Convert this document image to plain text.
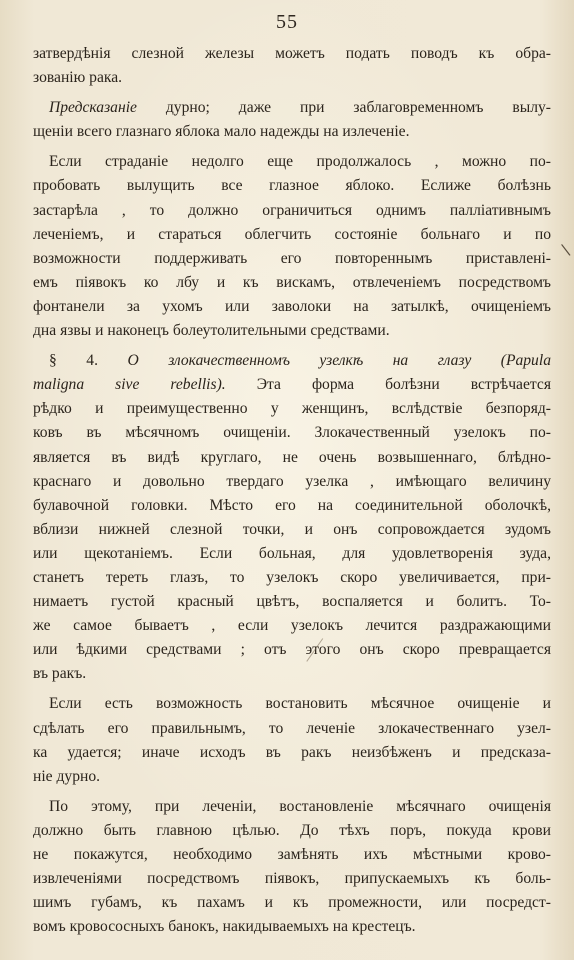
55
затвердѣнія слезной железы можетъ подать поводъ къ обра-
зованію рака.
Предсказаніе дурно; даже при заблаговременномъ вылу-
щеніи всего глазнаго яблока мало надежды на излеченіе.
Если страданіе недолго еще продолжалось , можно по-
пробовать вылущить все глазное яблоко. Еслиже болѣзнь
застарѣла , то должно ограничиться однимъ палліативнымъ
леченіемъ, и стараться облегчить состояніе больнаго и по
возможности поддерживать его повтореннымъ приставлені-
емъ піявокъ ко лбу и къ вискамъ, отвлеченіемъ посредствомъ
фонтанели за ухомъ или заволоки на затылкѣ, очищеніемъ
дна язвы и наконецъ болеутолительными средствами.
§ 4. О злокачественномъ узелкѣ на глазу (Papula
maligna sive rebellis). Эта форма болѣзни встрѣчается
рѣдко и преимущественно у женщинъ, вслѣдствіе безпоряд-
ковъ въ мѣсячномъ очищеніи. Злокачественный узелокъ по-
является въ видѣ круглаго, не очень возвышеннаго, блѣдно-
краснаго и довольно твердаго узелка , имѣющаго величину
булавочной головки. Мѣсто его на соединительной оболочкѣ,
вблизи нижней слезной точки, и онъ сопровождается зудомъ
или щекотаніемъ. Если больная, для удовлетворенія зуда,
станетъ тереть глазъ, то узелокъ скоро увеличивается, при-
нимаетъ густой красный цвѣтъ, воспаляется и болитъ. То-
же самое бываетъ , если узелокъ лечится раздражающими
или ѣдкими средствами ; отъ этого онъ скоро превращается
въ ракъ.
Если есть возможность востановить мѣсячное очищеніе и
сдѣлать его правильнымъ, то леченіе злокачественнаго узел-
ка удается; иначе исходъ въ ракъ неизбѣженъ и предсказа-
ніе дурно.
По этому, при леченіи, востановленіе мѣсячнаго очищенія
должно быть главною цѣлью. До тѣхъ поръ, покуда крови
не покажутся, необходимо замѣнять ихъ мѣстными крово-
извлеченіями посредствомъ піявокъ, припускаемыхъ къ боль-
шимъ губамъ, къ пахамъ и къ промежности, или посредст-
вомъ кровососныхъ банокъ, накидываемыхъ на крестецъ.
\
